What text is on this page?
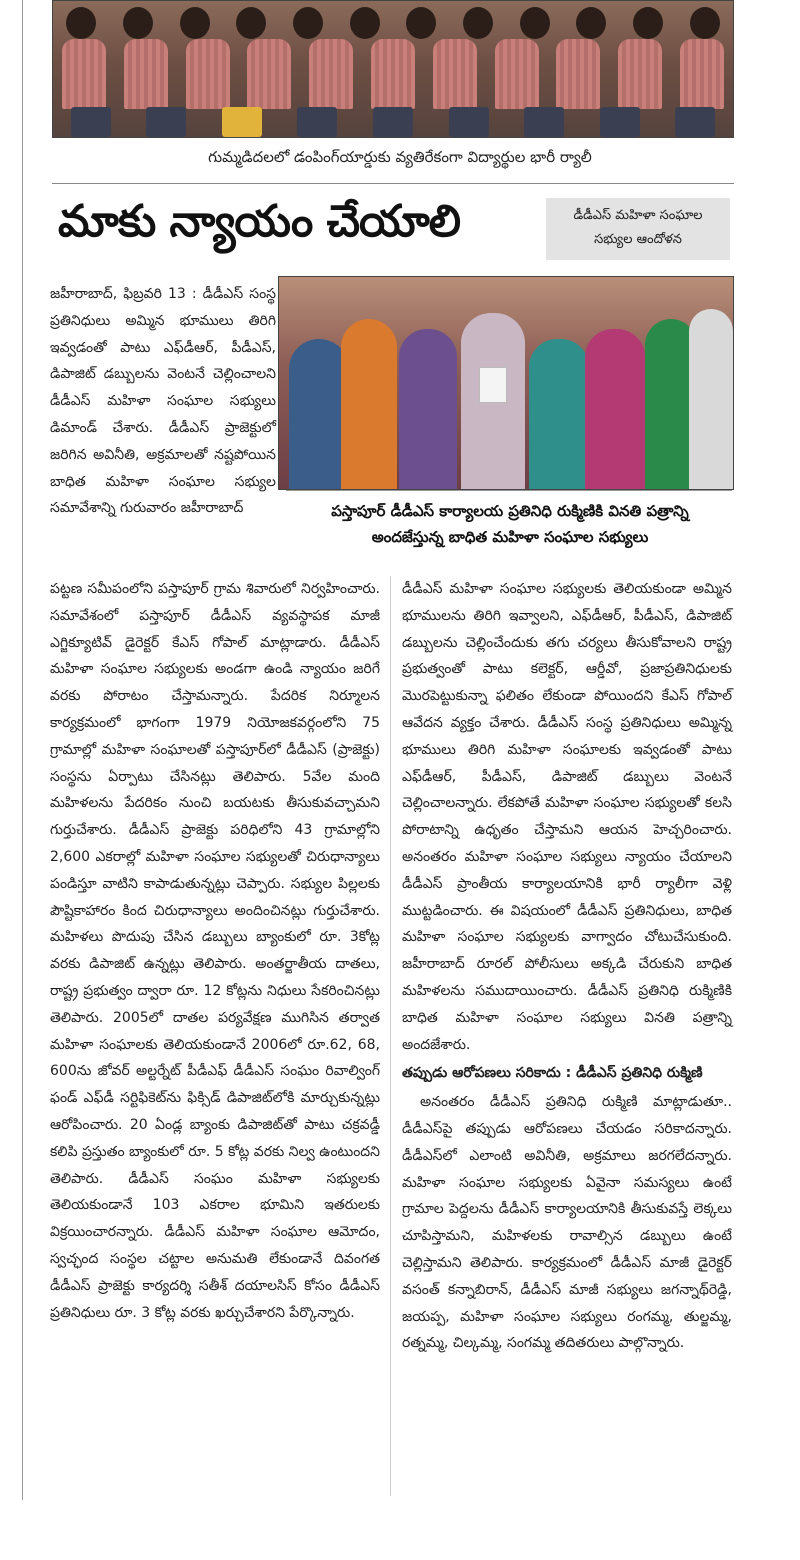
గుమ్మడిదలలో డంపింగ్‌యార్డుకు వ్యతిరేకంగా విద్యార్థుల భారీ ర్యాలీ
మాకు న్యాయం చేయాలి	డీడీఎస్ మహిళా సంఘాల
సభ్యుల ఆందోళన
జహీరాబాద్, ఫిబ్రవరి 13 : డీడీఎస్ సంస్థ ప్రతినిధులు అమ్మిన భూములు తిరిగి ఇవ్వడంతో పాటు ఎఫ్‌డీఆర్, పీడీఎస్, డిపాజిట్ డబ్బులను వెంటనే చెల్లించాలని డీడీఎస్ మహిళా సంఘాల సభ్యులు డిమాండ్ చేశారు. డీడీఎస్ ప్రాజెక్టులో జరిగిన అవినీతి, అక్రమాలతో నష్టపోయిన బాధిత మహిళా సంఘాల సభ్యుల సమావేశాన్ని గురువారం జహీరాబాద్	పస్తాపూర్ డీడీఎస్ కార్యాలయ ప్రతినిధి రుక్మిణికి వినతి పత్రాన్ని
అందజేస్తున్న బాధిత మహిళా సంఘాల సభ్యులు
పట్టణ సమీపంలోని పస్తాపూర్ గ్రామ శివారులో నిర్వహించారు. సమావేశంలో పస్తాపూర్ డీడీఎస్ వ్యవస్థాపక మాజీ ఎగ్జిక్యూటివ్ డైరెక్టర్ కేఎస్ గోపాల్ మాట్లాడారు. డీడీఎస్ మహిళా సంఘాల సభ్యులకు అండగా ఉండి న్యాయం జరిగే వరకు పోరాటం చేస్తామన్నారు. పేదరిక నిర్మూలన కార్యక్రమంలో భాగంగా 1979 నియోజకవర్గంలోని 75 గ్రామాల్లో మహిళా సంఘాలతో పస్తాపూర్‌లో డీడీఎస్ (ప్రాజెక్టు) సంస్థను ఏర్పాటు చేసినట్లు తెలిపారు. 5వేల మంది మహిళలను పేదరికం నుంచి బయటకు తీసుకువచ్చామని గుర్తుచేశారు. డీడీఎస్ ప్రాజెక్టు పరిధిలోని 43 గ్రామాల్లోని 2,600 ఎకరాల్లో మహిళా సంఘాల సభ్యులతో చిరుధాన్యాలు పండిస్తూ వాటిని కాపాడుతున్నట్లు చెప్పారు. సభ్యుల పిల్లలకు పౌష్టికాహారం కింద చిరుధాన్యాలు అందించినట్లు గుర్తుచేశారు. మహిళలు పొదుపు చేసిన డబ్బులు బ్యాంకులో రూ. 3కోట్ల వరకు డిపాజిట్ ఉన్నట్లు తెలిపారు. అంతర్జాతీయ దాతలు, రాష్ట్ర ప్రభుత్వం ద్వారా రూ. 12 కోట్లను నిధులు సేకరించినట్లు తెలిపారు. 2005లో దాతల పర్యవేక్షణ ముగిసిన తర్వాత మహిళా సంఘాలకు తెలియకుండానే 2006లో రూ.62, 68, 600ను జోవర్ అల్టర్నేట్ పీడీఎఫ్ డీడీఎస్ సంఘం రివాల్వింగ్ ఫండ్ ఎఫ్‌డీ సర్టిఫికెట్‌ను ఫిక్సిడ్ డిపాజిట్‌లోకి మార్చుకున్నట్లు ఆరోపించారు. 20 ఏండ్ల బ్యాంకు డిపాజిట్‌తో పాటు చక్రవడ్డీ కలిపి ప్రస్తుతం బ్యాంకులో రూ. 5 కోట్ల వరకు నిల్వ ఉంటుందని తెలిపారు. డీడీఎస్ సంఘం మహిళా సభ్యులకు తెలియకుండానే 103 ఎకరాల భూమిని ఇతరులకు విక్రయించారన్నారు. డీడీఎస్ మహిళా సంఘాల ఆమోదం, స్వచ్ఛంద సంస్థల చట్టాల అనుమతి లేకుండానే దివంగత డీడీఎస్ ప్రాజెక్టు కార్యదర్శి సతీశ్ దయాలసిస్ కోసం డీడీఎస్ ప్రతినిధులు రూ. 3 కోట్ల వరకు ఖర్చుచేశారని పేర్కొన్నారు.
డీడీఎస్ మహిళా సంఘాల సభ్యులకు తెలియకుండా అమ్మిన భూములను తిరిగి ఇవ్వాలని, ఎఫ్‌డీఆర్, పీడీఎస్, డిపాజిట్ డబ్బులను చెల్లించేందుకు తగు చర్యలు తీసుకోవాలని రాష్ట్ర ప్రభుత్వంతో పాటు కలెక్టర్, ఆర్డీవో, ప్రజాప్రతినిధులకు మొరపెట్టుకున్నా ఫలితం లేకుండా పోయిందని కేఎస్ గోపాల్ ఆవేదన వ్యక్తం చేశారు. డీడీఎస్ సంస్థ ప్రతినిధులు అమ్మిన్న భూములు తిరిగి మహిళా సంఘాలకు ఇవ్వడంతో పాటు ఎఫ్‌డీఆర్, పీడీఎస్, డిపాజిట్ డబ్బులు వెంటనే చెల్లించాలన్నారు. లేకపోతే మహిళా సంఘాల సభ్యులతో కలసి పోరాటాన్ని ఉధృతం చేస్తామని ఆయన హెచ్చరించారు. అనంతరం మహిళా సంఘాల సభ్యులు న్యాయం చేయాలని డీడీఎస్ ప్రాంతీయ కార్యాలయానికి భారీ ర్యాలీగా వెళ్లి ముట్టడించారు. ఈ విషయంలో డీడీఎస్ ప్రతినిధులు, బాధిత మహిళా సంఘాల సభ్యులకు వాగ్వాదం చోటుచేసుకుంది. జహీరాబాద్ రూరల్ పోలీసులు అక్కడి చేరుకుని బాధిత మహిళలను సముదాయించారు. డీడీఎస్ ప్రతినిధి రుక్మిణికి బాధిత మహిళా సంఘాల సభ్యులు వినతి పత్రాన్ని అందజేశారు.
తప్పుడు ఆరోపణలు సరికాదు : డీడీఎస్ ప్రతినిధి రుక్మిణి
అనంతరం డీడీఎస్ ప్రతినిధి రుక్మిణి మాట్లాడుతూ.. డీడీఎస్‌పై తప్పుడు ఆరోపణలు చేయడం సరికాదన్నారు. డీడీఎస్‌లో ఎలాంటి అవినీతి, అక్రమాలు జరగలేదన్నారు. మహిళా సంఘాల సభ్యులకు ఏవైనా సమస్యలు ఉంటే గ్రామాల పెద్దలను డీడీఎస్ కార్యాలయానికి తీసుకువస్తే లెక్కలు చూపిస్తామని, మహిళలకు రావాల్సిన డబ్బులు ఉంటే చెల్లిస్తామని తెలిపారు. కార్యక్రమంలో డీడీఎస్ మాజీ డైరెక్టర్ వసంత్ కన్నాబిరాన్, డీడీఎస్ మాజీ సభ్యులు జగన్నాథ్‌రెడ్డి, జయప్ప, మహిళా సంఘాల సభ్యులు రంగమ్మ, తుల్జమ్మ, రత్నమ్మ, చిల్కమ్మ, సంగమ్మ తదితరులు పాల్గొన్నారు.
